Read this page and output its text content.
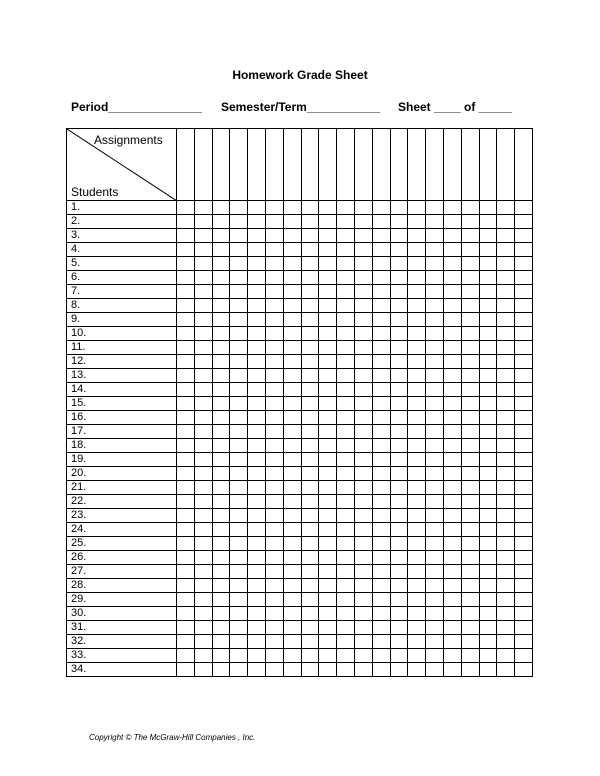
Homework Grade Sheet
Period______________ Semester/Term___________ Sheet ____ of _____
Assignments
Students																				

1.																				
2.																				
3.																				
4.																				
5.																				
6.																				
7.																				
8.																				
9.																				
10.																				
11.																				
12.																				
13.																				
14.																				
15.																				
16.																				
17.																				
18.																				
19.																				
20.																				
21.																				
22.																				
23.																				
24.																				
25.																				
26.																				
27.																				
28.																				
29.																				
30.																				
31.																				
32.																				
33.																				
34.																				
Copyright © The McGraw-Hill Companies , Inc.
